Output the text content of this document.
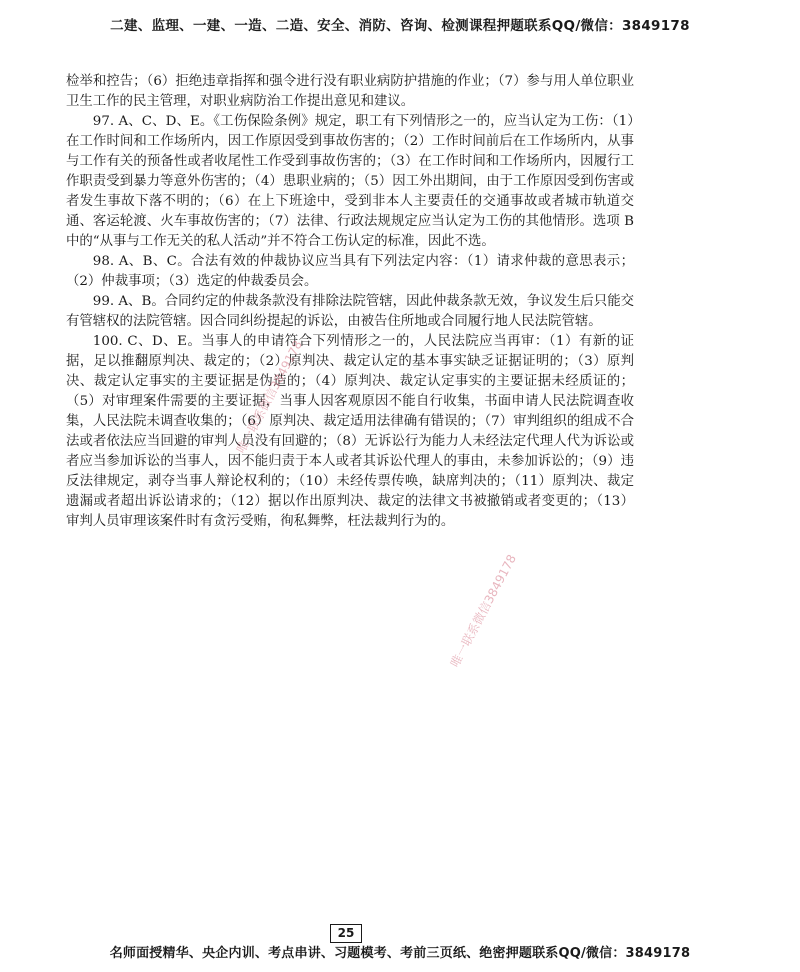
二建、监理、一建、一造、二造、安全、消防、咨询、检测课程押题联系QQ/微信：3849178

检举和控告；（6）拒绝违章指挥和强令进行没有职业病防护措施的作业；（7）参与用人单位职业卫生工作的民主管理，对职业病防治工作提出意见和建议。

97. A、C、D、E。《工伤保险条例》规定，职工有下列情形之一的，应当认定为工伤：（1）在工作时间和工作场所内，因工作原因受到事故伤害的；（2）工作时间前后在工作场所内，从事与工作有关的预备性或者收尾性工作受到事故伤害的；（3）在工作时间和工作场所内，因履行工作职责受到暴力等意外伤害的；（4）患职业病的；（5）因工外出期间，由于工作原因受到伤害或者发生事故下落不明的；（6）在上下班途中，受到非本人主要责任的交通事故或者城市轨道交通、客运轮渡、火车事故伤害的；（7）法律、行政法规规定应当认定为工伤的其他情形。选项 B 中的“从事与工作无关的私人活动”并不符合工伤认定的标准，因此不选。

98. A、B、C。合法有效的仲裁协议应当具有下列法定内容：（1）请求仲裁的意思表示；（2）仲裁事项；（3）选定的仲裁委员会。

99. A、B。合同约定的仲裁条款没有排除法院管辖，因此仲裁条款无效，争议发生后只能交有管辖权的法院管辖。因合同纠纷提起的诉讼，由被告住所地或合同履行地人民法院管辖。

100. C、D、E。当事人的申请符合下列情形之一的，人民法院应当再审：（1）有新的证据，足以推翻原判决、裁定的；（2）原判决、裁定认定的基本事实缺乏证据证明的；（3）原判决、裁定认定事实的主要证据是伪造的；（4）原判决、裁定认定事实的主要证据未经质证的；（5）对审理案件需要的主要证据，当事人因客观原因不能自行收集，书面申请人民法院调查收集，人民法院未调查收集的；（6）原判决、裁定适用法律确有错误的；（7）审判组织的组成不合法或者依法应当回避的审判人员没有回避的；（8）无诉讼行为能力人未经法定代理人代为诉讼或者应当参加诉讼的当事人，因不能归责于本人或者其诉讼代理人的事由，未参加诉讼的；（9）违反法律规定，剥夺当事人辩论权利的；（10）未经传票传唤，缺席判决的；（11）原判决、裁定遗漏或者超出诉讼请求的；（12）据以作出原判决、裁定的法律文书被撤销或者变更的；（13）审判人员审理该案件时有贪污受贿，徇私舞弊，枉法裁判行为的。

唯一联系微信3849178
唯一联系微信3849178
25
名师面授精华、央企内训、考点串讲、习题模考、考前三页纸、绝密押题联系QQ/微信：3849178
